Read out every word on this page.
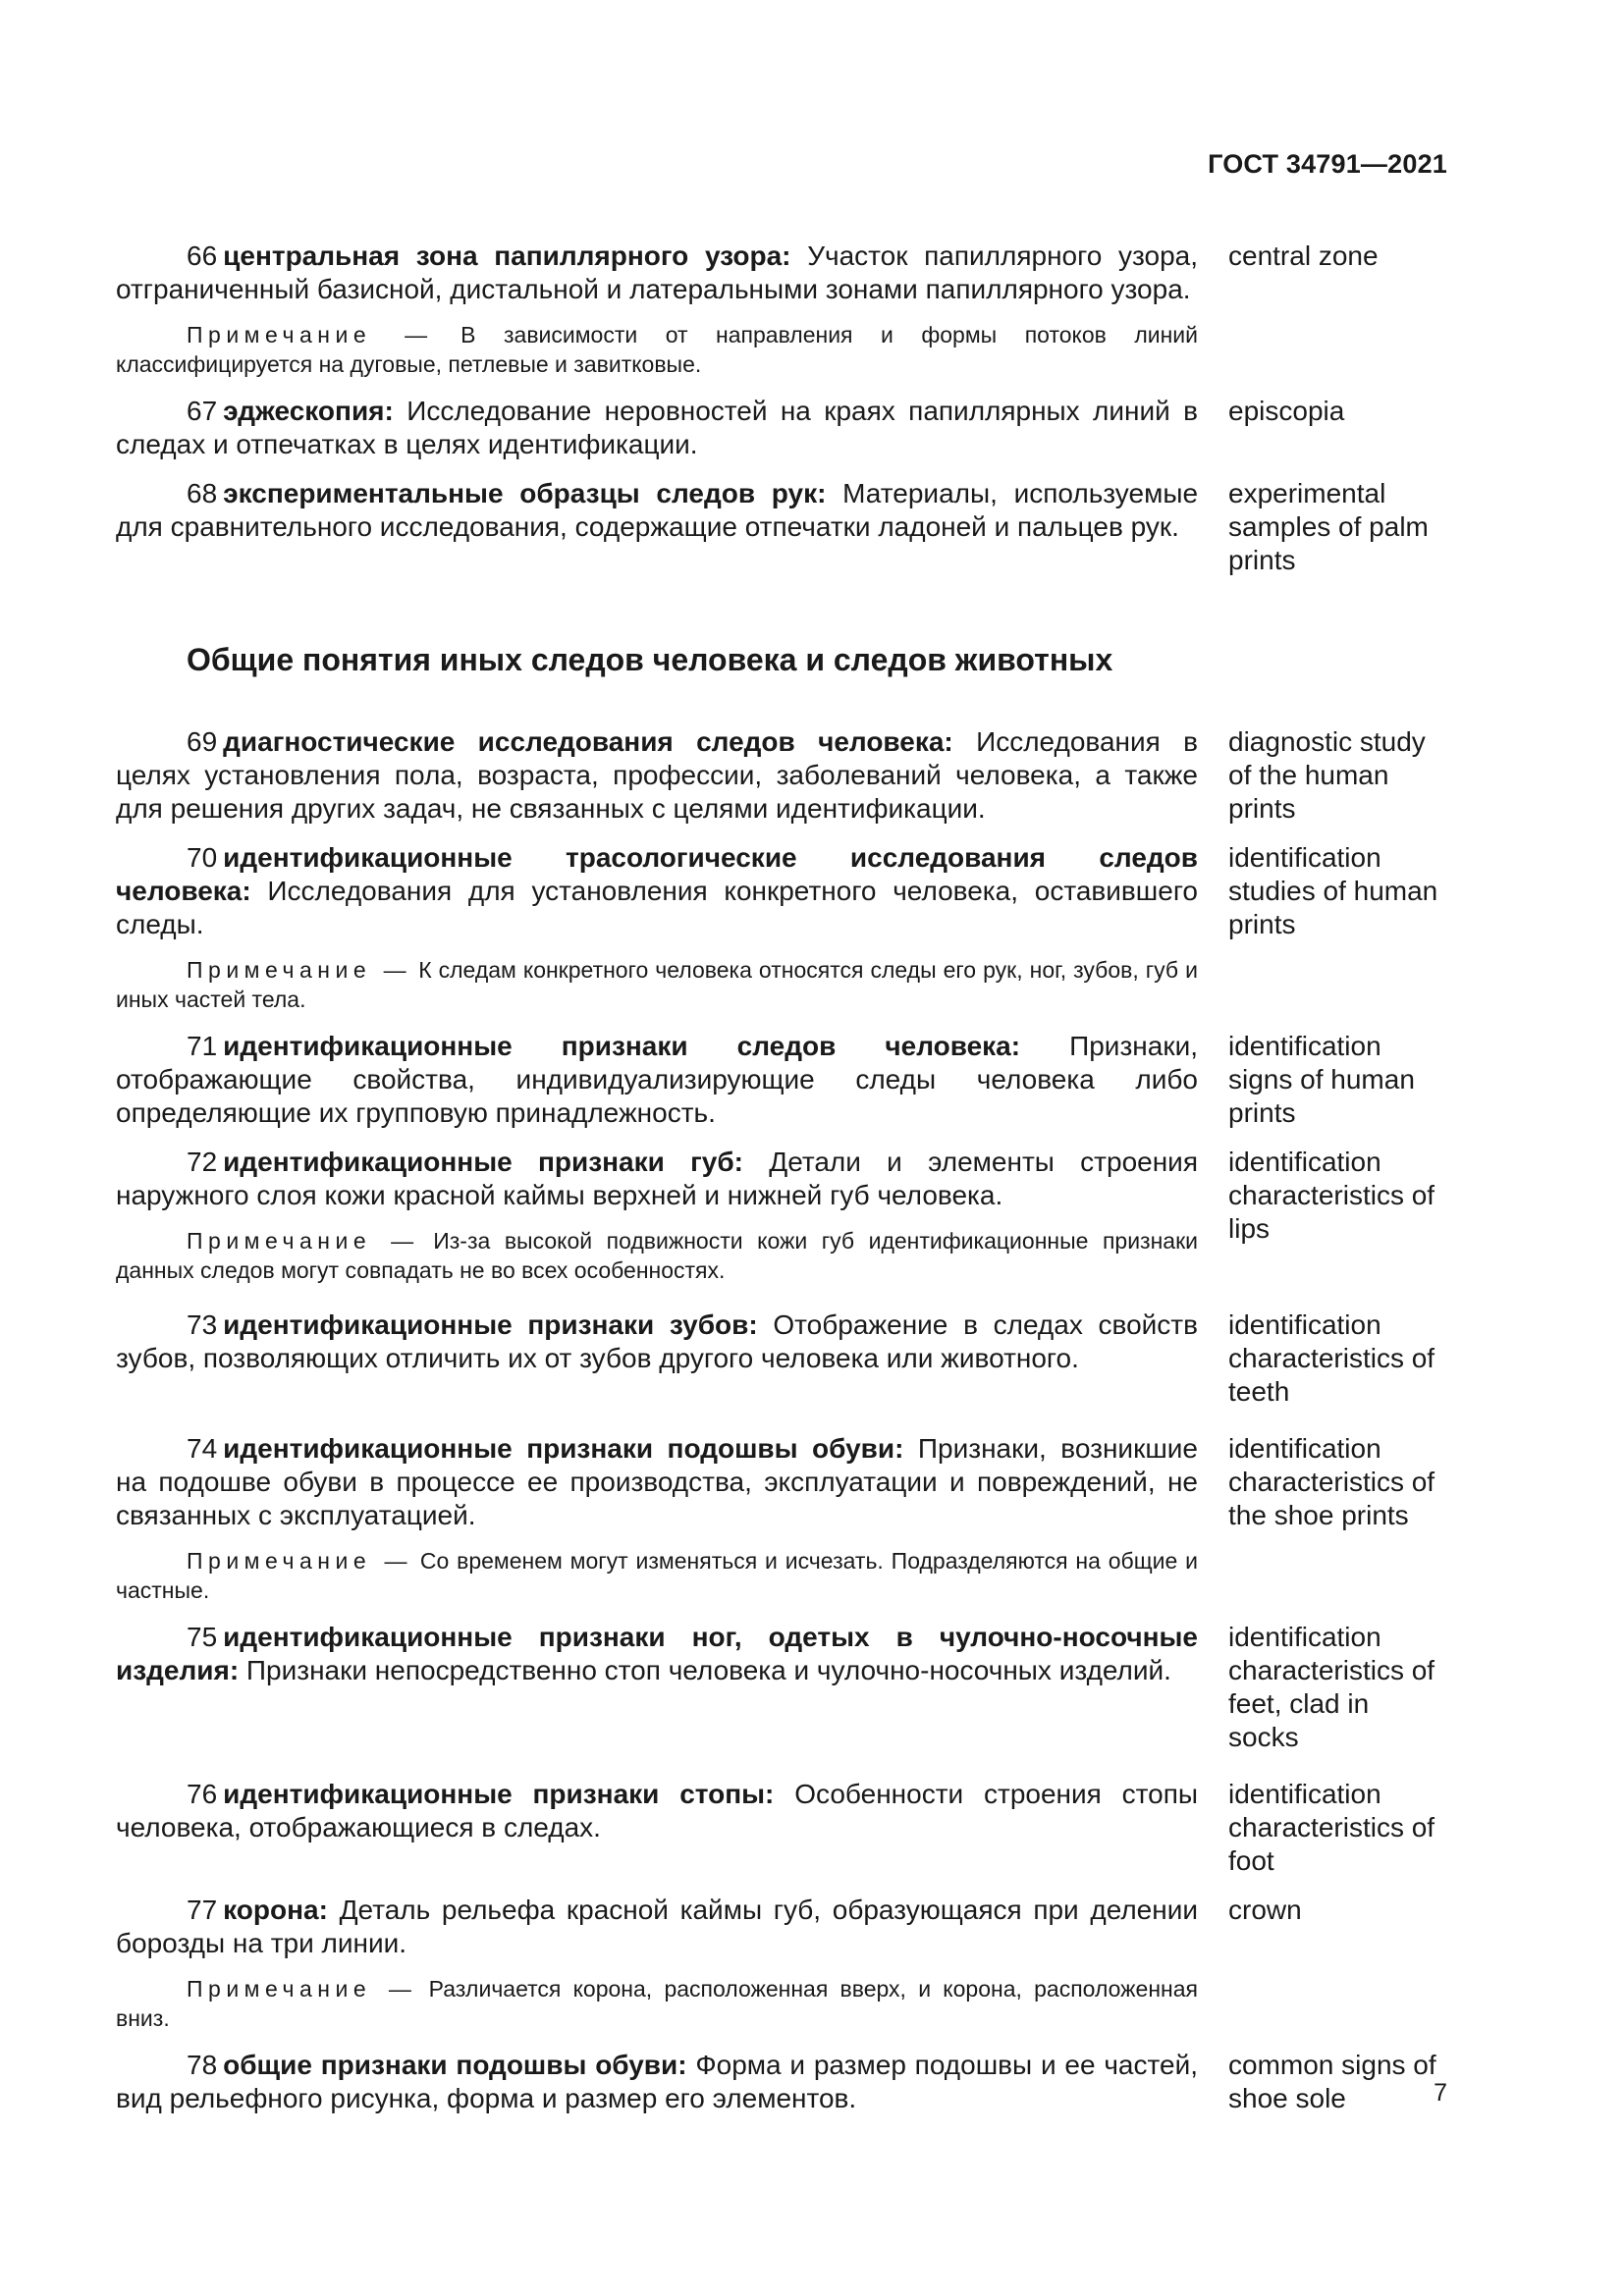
ГОСТ 34791—2021

66 центральная зона папиллярного узора: Участок папиллярного узора, отграниченный базисной, дистальной и латеральными зонами папиллярного узора.

Примечание — В зависимости от направления и формы потоков линий классифицируется на дуговые, петлевые и завитковые.

central zone

67 эджескопия: Исследование неровностей на краях папиллярных линий в следах и отпечатках в целях идентификации.

episcopia

68 экспериментальные образцы следов рук: Материалы, используемые для сравнительного исследования, содержащие отпечатки ладоней и пальцев рук.

experimental samples of palm prints
Общие понятия иных следов человека и следов животных

69 диагностические исследования следов человека: Исследования в целях установления пола, возраста, профессии, заболеваний человека, а также для решения других задач, не связанных с целями идентификации.

diagnostic study of the human prints

70 идентификационные трасологические исследования следов человека: Исследования для установления конкретного человека, оставившего следы.

Примечание — К следам конкретного человека относятся следы его рук, ног, зубов, губ и иных частей тела.

identification studies of human prints

71 идентификационные признаки следов человека: Признаки, отображающие свойства, индивидуализирующие следы человека либо определяющие их групповую принадлежность.

identification signs of human prints

72 идентификационные признаки губ: Детали и элементы строения наружного слоя кожи красной каймы верхней и нижней губ человека.

Примечание — Из-за высокой подвижности кожи губ идентификационные признаки данных следов могут совпадать не во всех особенностях.

identification characteristics of lips

73 идентификационные признаки зубов: Отображение в следах свойств зубов, позволяющих отличить их от зубов другого человека или животного.

identification characteristics of teeth

74 идентификационные признаки подошвы обуви: Признаки, возникшие на подошве обуви в процессе ее производства, эксплуатации и повреждений, не связанных с эксплуатацией.

Примечание — Со временем могут изменяться и исчезать. Подразделяются на общие и частные.

identification characteristics of the shoe prints

75 идентификационные признаки ног, одетых в чулочно-носочные изделия: Признаки непосредственно стоп человека и чулочно-носочных изделий.

identification characteristics of feet, clad in socks

76 идентификационные признаки стопы: Особенности строения стопы человека, отображающиеся в следах.

identification characteristics of foot

77 корона: Деталь рельефа красной каймы губ, образующаяся при делении борозды на три линии.

Примечание — Различается корона, расположенная вверх, и корона, расположенная вниз.

crown

78 общие признаки подошвы обуви: Форма и размер подошвы и ее частей, вид рельефного рисунка, форма и размер его элементов.

common signs of shoe sole	7
